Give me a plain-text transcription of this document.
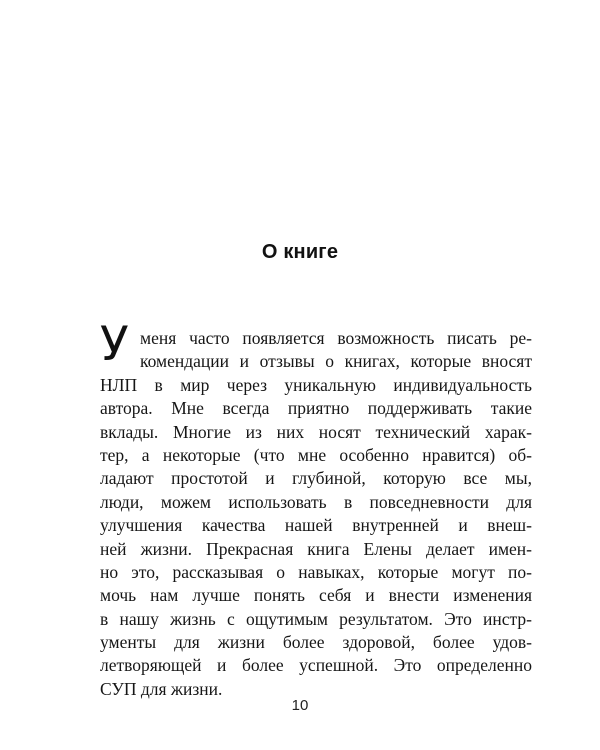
О книге
У меня часто появляется возможность писать ре-
комендации и отзывы о книгах, которые вносят
НЛП в мир через уникальную индивидуальность
автора. Мне всегда приятно поддерживать такие
вклады. Многие из них носят технический харак-
тер, а некоторые (что мне особенно нравится) об-
ладают простотой и глубиной, которую все мы,
люди, можем использовать в повседневности для
улучшения качества нашей внутренней и внеш-
ней жизни. Прекрасная книга Елены делает имен-
но это, рассказывая о навыках, которые могут по-
мочь нам лучше понять себя и внести изменения
в нашу жизнь с ощутимым результатом. Это инстр-
ументы для жизни более здоровой, более удов-
летворяющей и более успешной. Это определенно
СУП для жизни.
10
